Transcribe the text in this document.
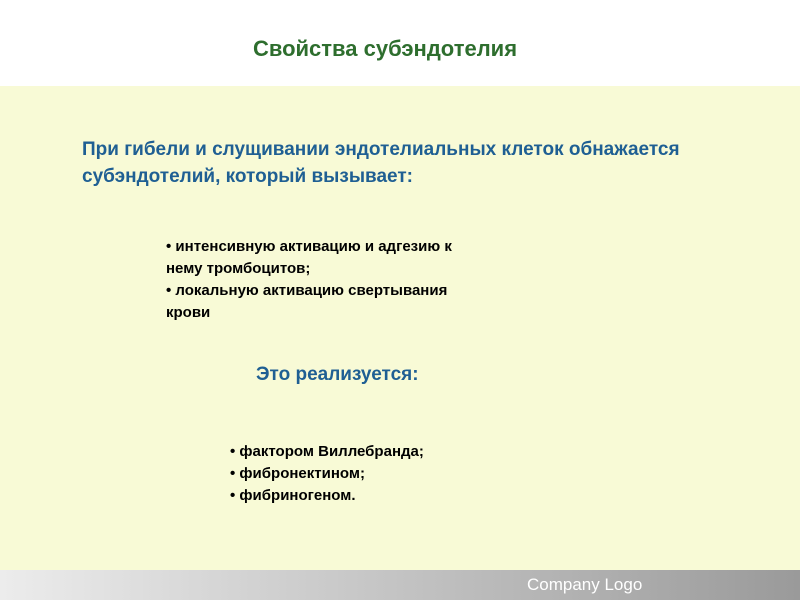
www.themegallery.
com
Свойства субэндотелия
При гибели и слущивании эндотелиальных клеток обнажается субэндотелий, который вызывает:
• интенсивную активацию и адгезию к
нему тромбоцитов;
• локальную активацию свертывания
крови
Это реализуется:
• фактором Виллебранда;
• фибронектином;
• фибриногеном.
Company Logo
